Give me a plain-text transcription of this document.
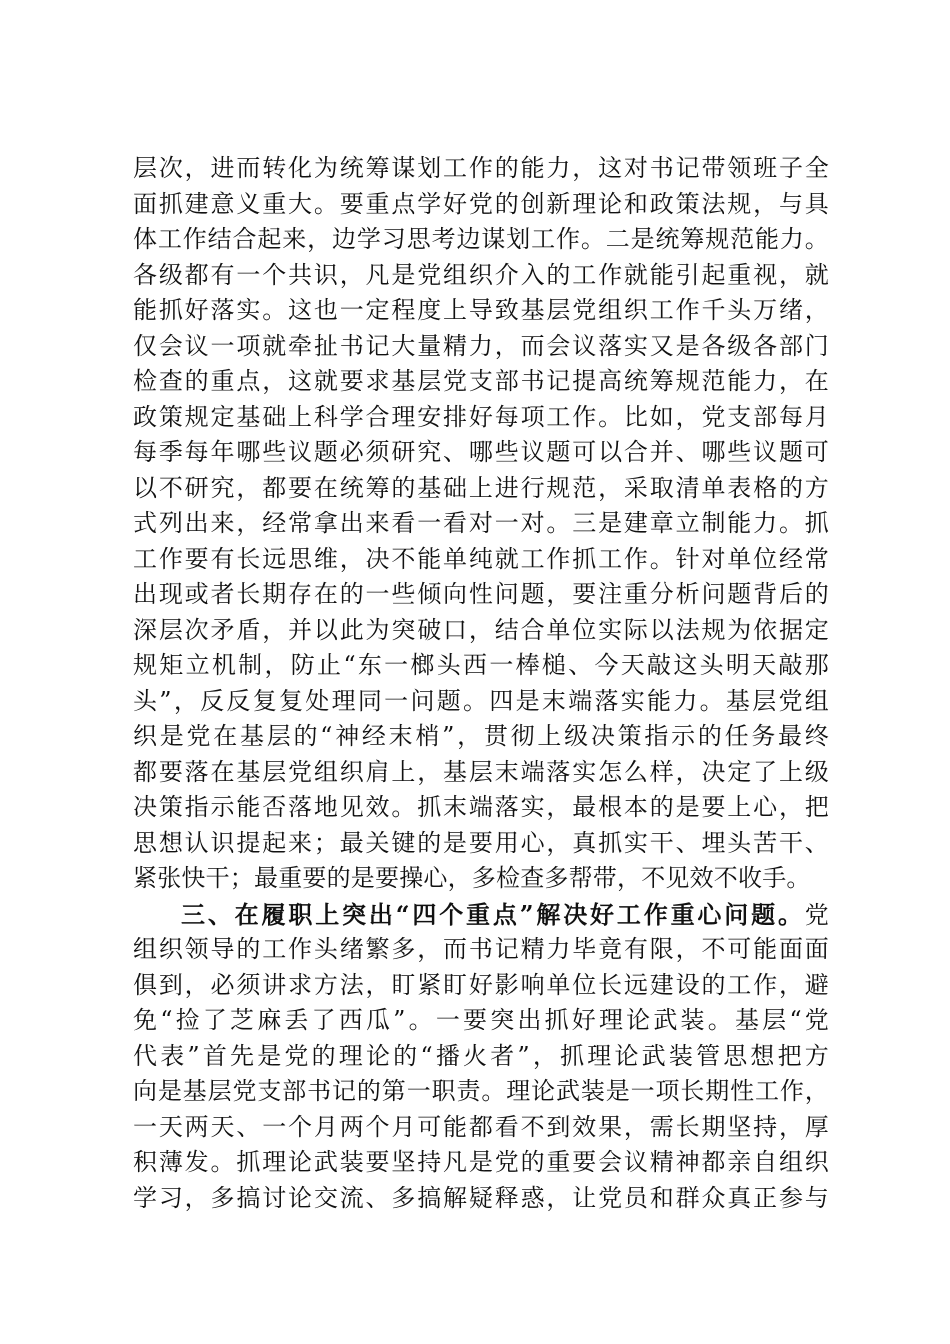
层次，进而转化为统筹谋划工作的能力，这对书记带领班子全
面抓建意义重大。要重点学好党的创新理论和政策法规，与具
体工作结合起来，边学习思考边谋划工作。二是统筹规范能力。
各级都有一个共识，凡是党组织介入的工作就能引起重视，就
能抓好落实。这也一定程度上导致基层党组织工作千头万绪，
仅会议一项就牵扯书记大量精力，而会议落实又是各级各部门
检查的重点，这就要求基层党支部书记提高统筹规范能力，在
政策规定基础上科学合理安排好每项工作。比如，党支部每月
每季每年哪些议题必须研究、哪些议题可以合并、哪些议题可
以不研究，都要在统筹的基础上进行规范，采取清单表格的方
式列出来，经常拿出来看一看对一对。三是建章立制能力。抓
工作要有长远思维，决不能单纯就工作抓工作。针对单位经常
出现或者长期存在的一些倾向性问题，要注重分析问题背后的
深层次矛盾，并以此为突破口，结合单位实际以法规为依据定
规矩立机制，防止“东一榔头西一棒槌、今天敲这头明天敲那
头”，反反复复处理同一问题。四是末端落实能力。基层党组
织是党在基层的“神经末梢”，贯彻上级决策指示的任务最终
都要落在基层党组织肩上，基层末端落实怎么样，决定了上级
决策指示能否落地见效。抓末端落实，最根本的是要上心，把
思想认识提起来；最关键的是要用心，真抓实干、埋头苦干、
紧张快干；最重要的是要操心，多检查多帮带，不见效不收手。
三、在履职上突出“四个重点”解决好工作重心问题。党
组织领导的工作头绪繁多，而书记精力毕竟有限，不可能面面
俱到，必须讲求方法，盯紧盯好影响单位长远建设的工作，避
免“捡了芝麻丢了西瓜”。一要突出抓好理论武装。基层“党
代表”首先是党的理论的“播火者”，抓理论武装管思想把方
向是基层党支部书记的第一职责。理论武装是一项长期性工作，
一天两天、一个月两个月可能都看不到效果，需长期坚持，厚
积薄发。抓理论武装要坚持凡是党的重要会议精神都亲自组织
学习，多搞讨论交流、多搞解疑释惑，让党员和群众真正参与
